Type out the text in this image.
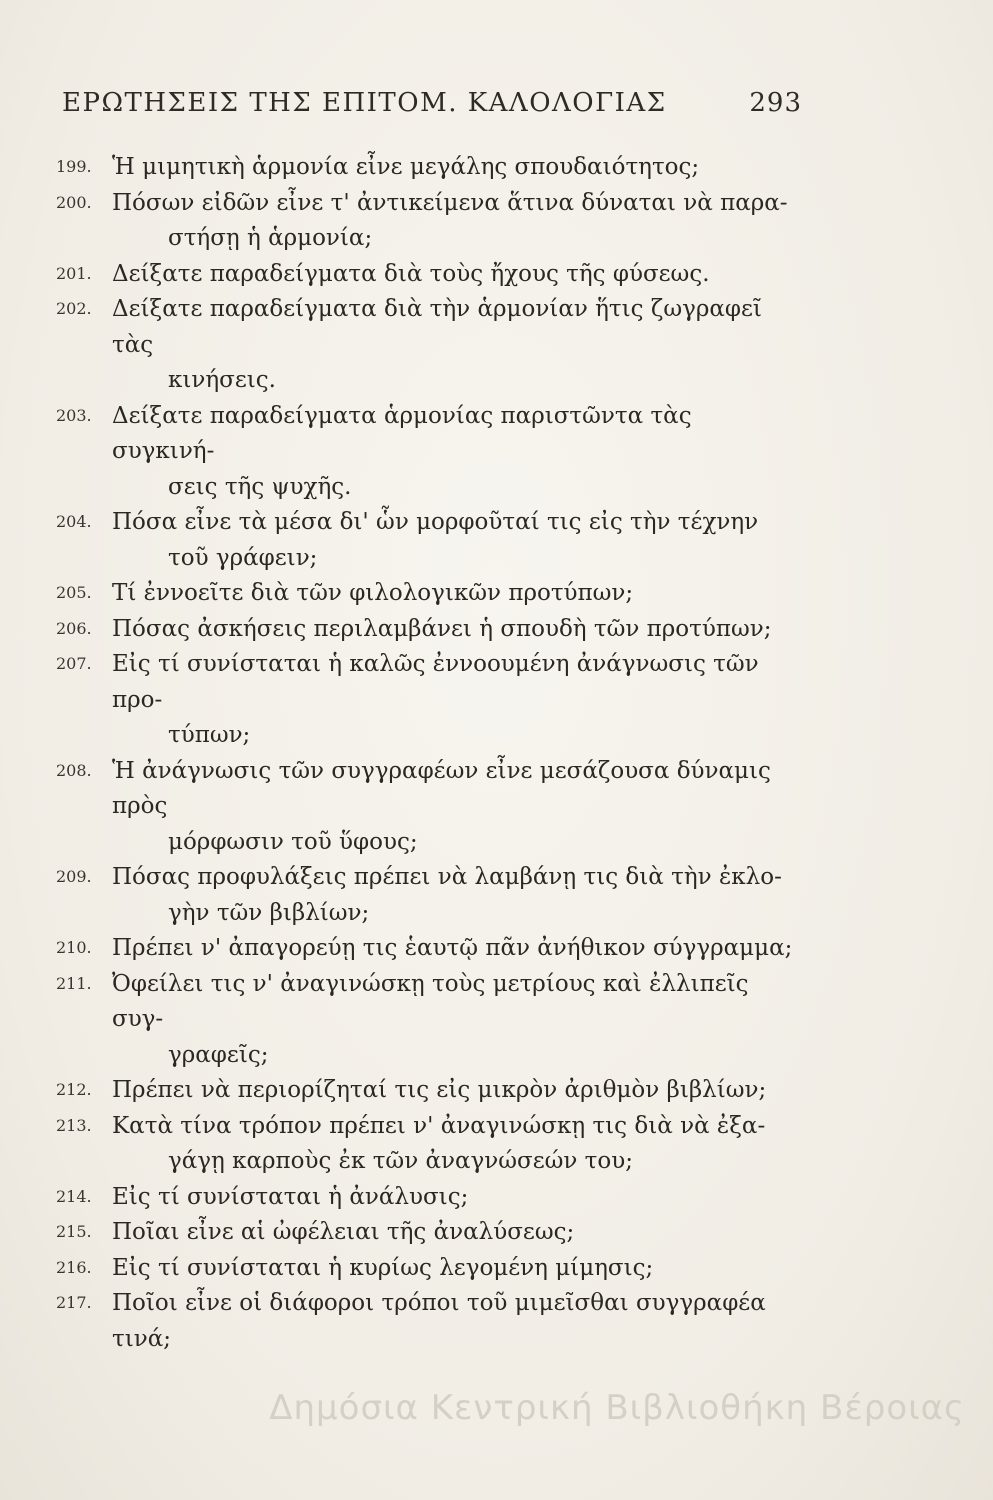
ΕΡΩΤΗΣΕΙΣ ΤΗΣ ΕΠΙΤΟΜ. ΚΑΛΟΛΟΓΙΑΣ	293
199. Ἡ μιμητικὴ ἁρμονία εἶνε μεγάλης σπουδαιότητος;
200. Πόσων εἰδῶν εἶνε τ' ἀντικείμενα ἅτινα δύναται νὰ παρα-
στήσῃ ἡ ἁρμονία;
201. Δείξατε παραδείγματα διὰ τοὺς ἤχους τῆς φύσεως.
202. Δείξατε παραδείγματα διὰ τὴν ἁρμονίαν ἥτις ζωγραφεῖ τὰς
κινήσεις.
203. Δείξατε παραδείγματα ἁρμονίας παριστῶντα τὰς συγκινή-
σεις τῆς ψυχῆς.
204. Πόσα εἶνε τὰ μέσα δι' ὧν μορφοῦταί τις εἰς τὴν τέχνην
τοῦ γράφειν;
205. Τί ἐννοεῖτε διὰ τῶν φιλολογικῶν προτύπων;
206. Πόσας ἀσκήσεις περιλαμβάνει ἡ σπουδὴ τῶν προτύπων;
207. Εἰς τί συνίσταται ἡ καλῶς ἐννοουμένη ἀνάγνωσις τῶν προ-
τύπων;
208. Ἡ ἀνάγνωσις τῶν συγγραφέων εἶνε μεσάζουσα δύναμις πρὸς
μόρφωσιν τοῦ ὕφους;
209. Πόσας προφυλάξεις πρέπει νὰ λαμβάνῃ τις διὰ τὴν ἐκλο-
γὴν τῶν βιβλίων;
210. Πρέπει ν' ἀπαγορεύῃ τις ἑαυτῷ πᾶν ἀνήθικον σύγγραμμα;
211. Ὀφείλει τις ν' ἀναγινώσκῃ τοὺς μετρίους καὶ ἐλλιπεῖς συγ-
γραφεῖς;
212. Πρέπει νὰ περιορίζηταί τις εἰς μικρὸν ἀριθμὸν βιβλίων;
213. Κατὰ τίνα τρόπον πρέπει ν' ἀναγινώσκῃ τις διὰ νὰ ἐξα-
γάγῃ καρποὺς ἐκ τῶν ἀναγνώσεών του;
214. Εἰς τί συνίσταται ἡ ἀνάλυσις;
215. Ποῖαι εἶνε αἱ ὠφέλειαι τῆς ἀναλύσεως;
216. Εἰς τί συνίσταται ἡ κυρίως λεγομένη μίμησις;
217. Ποῖοι εἶνε οἱ διάφοροι τρόποι τοῦ μιμεῖσθαι συγγραφέα τινά;
Δημόσια Κεντρική Βιβλιοθήκη Βέροιας
